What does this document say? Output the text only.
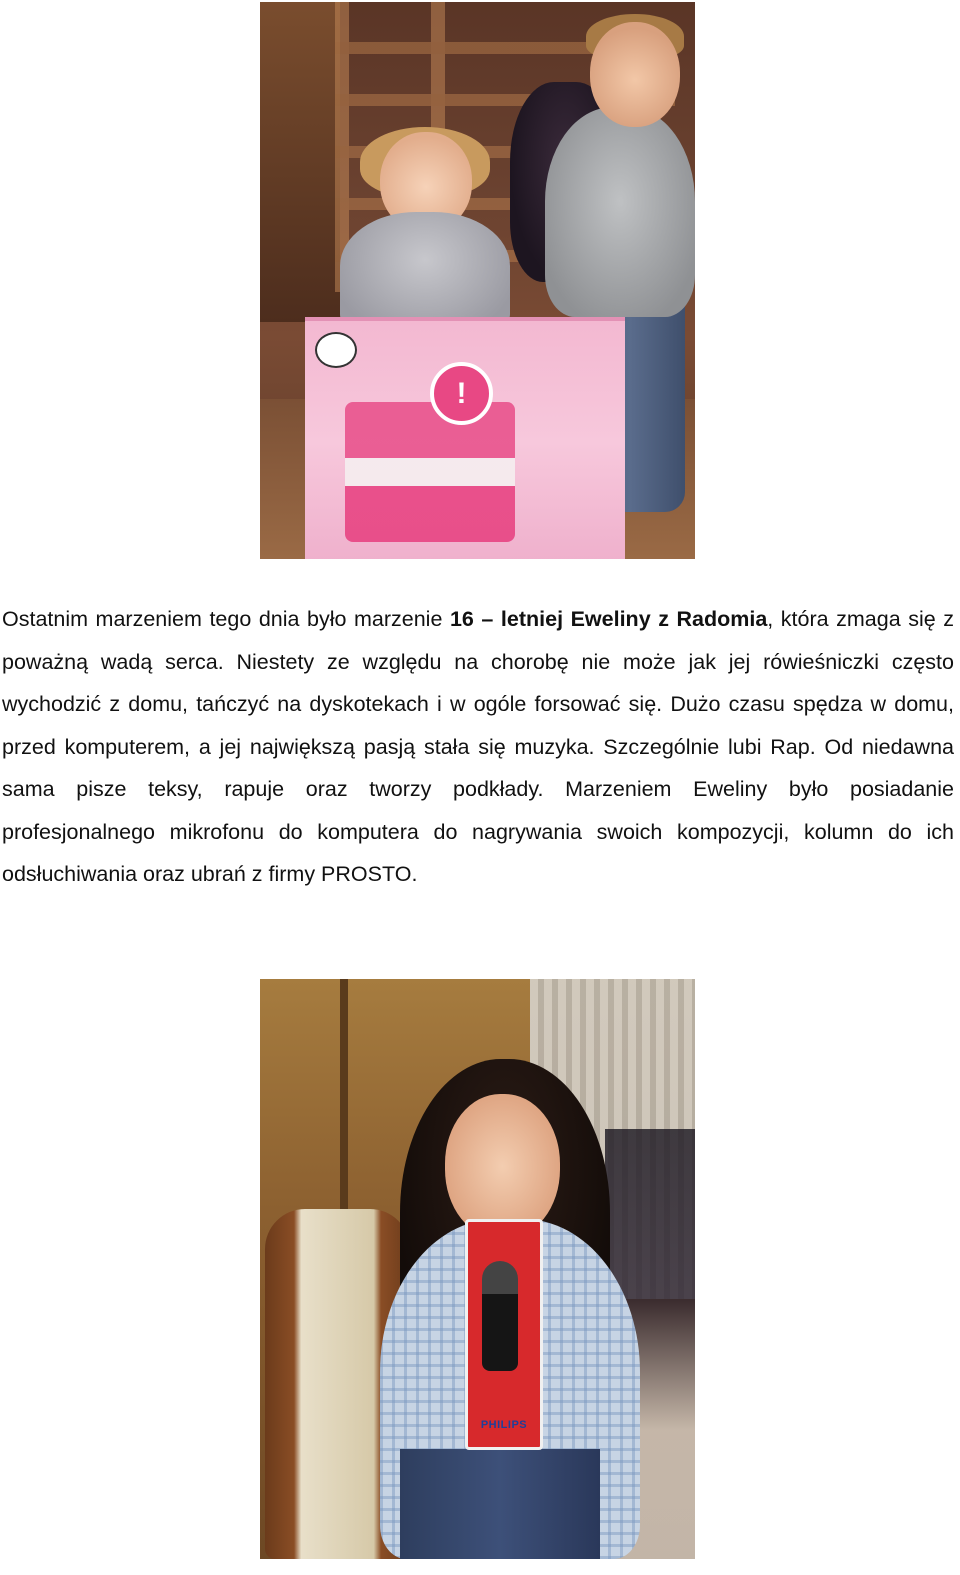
!

Ostatnim marzeniem tego dnia było marzenie 16 – letniej Eweliny z Radomia, która zmaga się z poważną wadą serca. Niestety ze względu na chorobę nie może jak jej rówieśniczki często wychodzić z domu, tańczyć na dyskotekach i w ogóle forsować się. Dużo czasu spędza w domu, przed komputerem, a jej największą pasją stała się muzyka. Szczególnie lubi Rap. Od niedawna sama pisze teksy, rapuje oraz tworzy podkłady. Marzeniem Eweliny było posiadanie profesjonalnego mikrofonu do komputera do nagrywania swoich kompozycji, kolumn do ich odsłuchiwania oraz ubrań z firmy PROSTO.

PHILIPS
